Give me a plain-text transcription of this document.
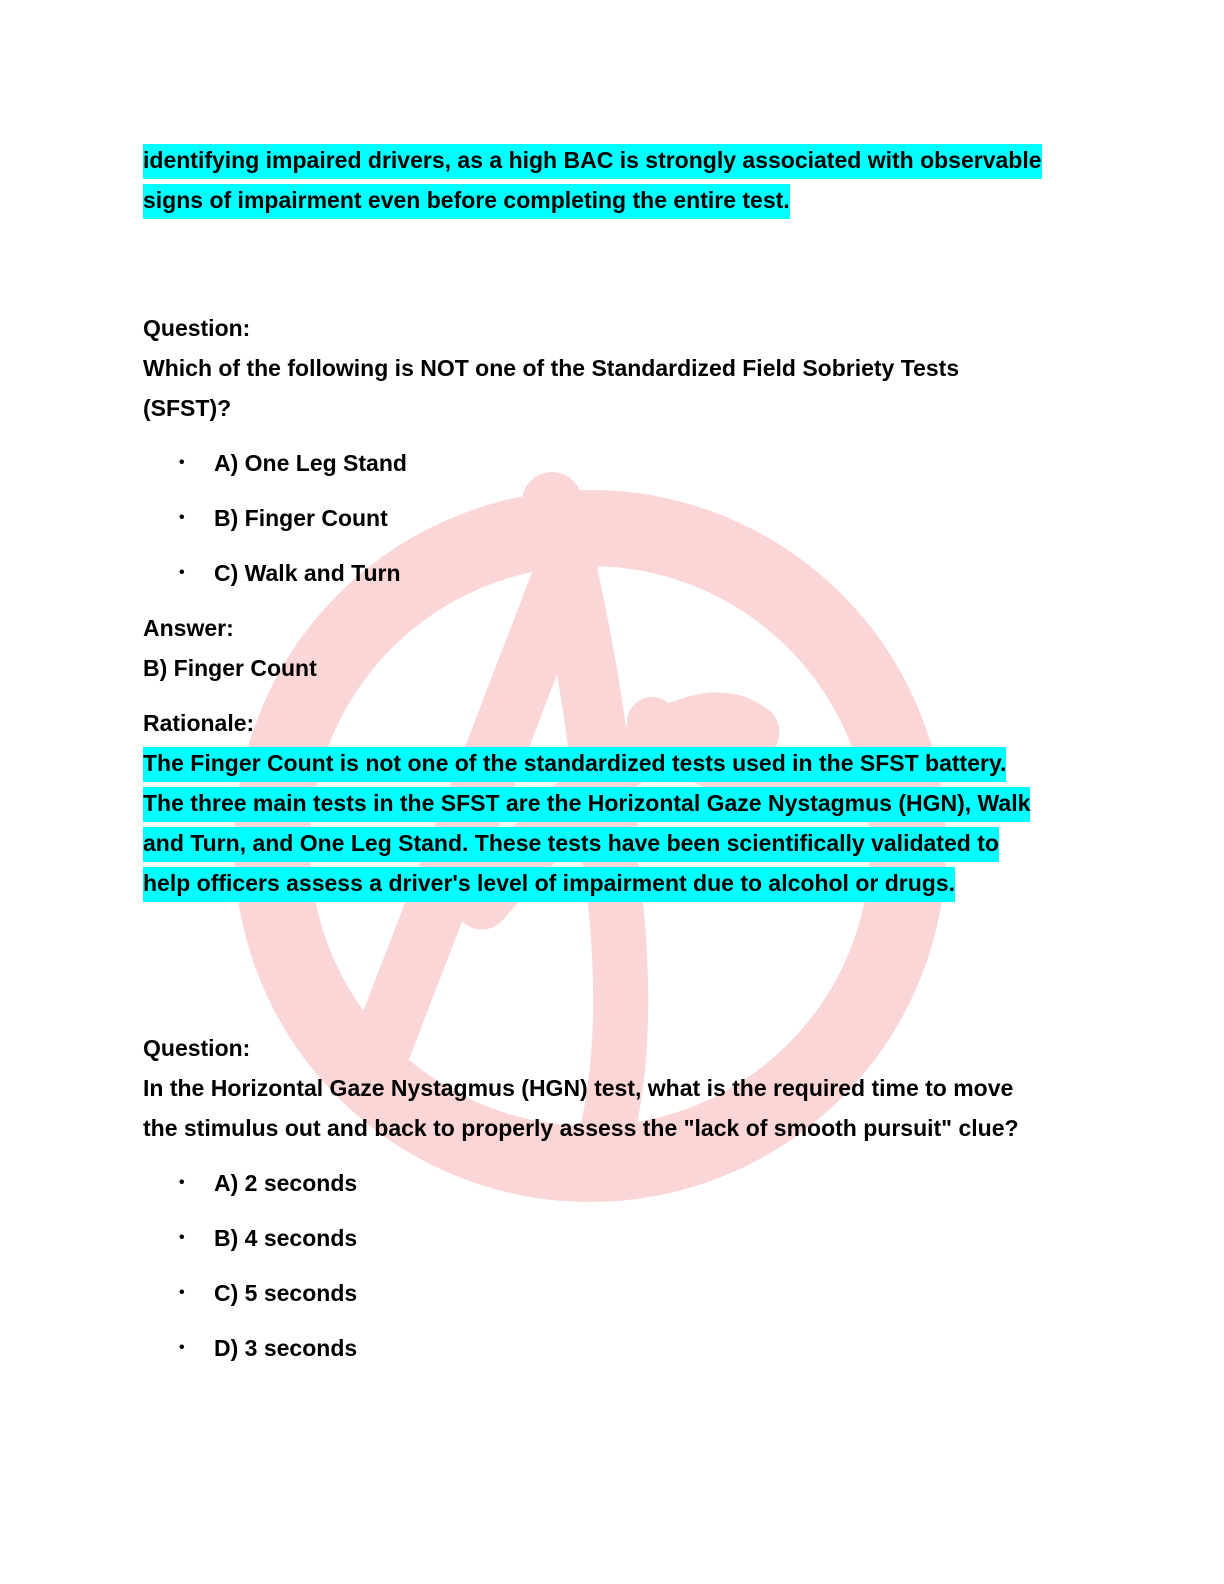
identifying impaired drivers, as a high BAC is strongly associated with observable
signs of impairment even before completing the entire test.

Question:

Which of the following is NOT one of the Standardized Field Sobriety Tests
(SFST)?
• A) One Leg Stand
• B) Finger Count
• C) Walk and Turn

Answer:

B) Finger Count

Rationale:

The Finger Count is not one of the standardized tests used in the SFST battery.
The three main tests in the SFST are the Horizontal Gaze Nystagmus (HGN), Walk
and Turn, and One Leg Stand. These tests have been scientifically validated to
help officers assess a driver's level of impairment due to alcohol or drugs.

Question:

In the Horizontal Gaze Nystagmus (HGN) test, what is the required time to move
the stimulus out and back to properly assess the "lack of smooth pursuit" clue?
• A) 2 seconds
• B) 4 seconds
• C) 5 seconds
• D) 3 seconds
